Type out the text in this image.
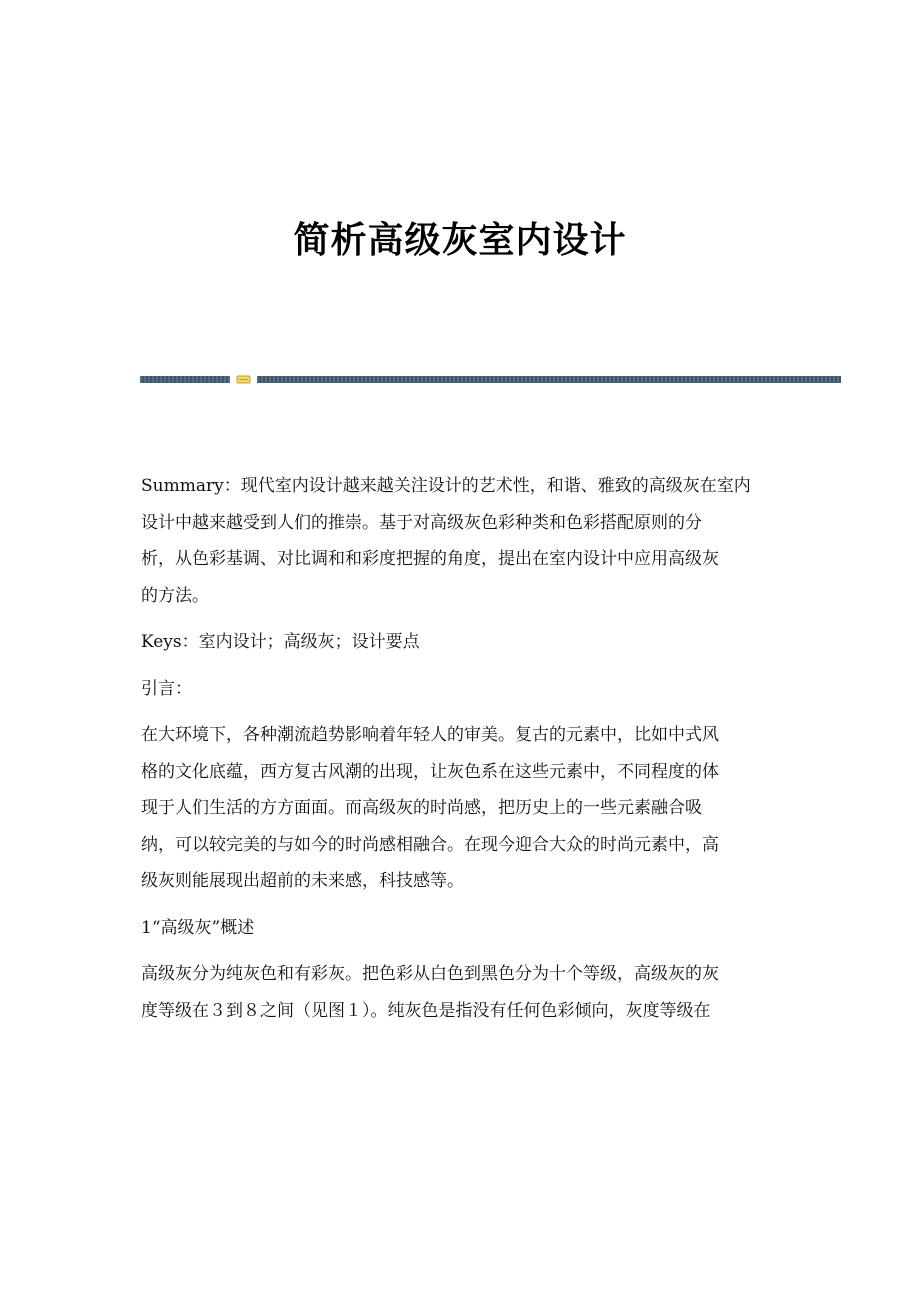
简析高级灰室内设计

Summary：现代室内设计越来越关注设计的艺术性，和谐、雅致的高级灰在室内

设计中越来越受到人们的推崇。基于对高级灰色彩种类和色彩搭配原则的分

析，从色彩基调、对比调和和彩度把握的角度，提出在室内设计中应用高级灰

的方法。

Keys：室内设计；高级灰；设计要点

引言：

在大环境下，各种潮流趋势影响着年轻人的审美。复古的元素中，比如中式风

格的文化底蕴，西方复古风潮的出现，让灰色系在这些元素中，不同程度的体

现于人们生活的方方面面。而高级灰的时尚感，把历史上的一些元素融合吸

纳，可以较完美的与如今的时尚感相融合。在现今迎合大众的时尚元素中，高

级灰则能展现出超前的未来感，科技感等。

1“高级灰”概述

高级灰分为纯灰色和有彩灰。把色彩从白色到黑色分为十个等级，高级灰的灰

度等级在３到８之间（见图１）。纯灰色是指没有任何色彩倾向，灰度等级在
